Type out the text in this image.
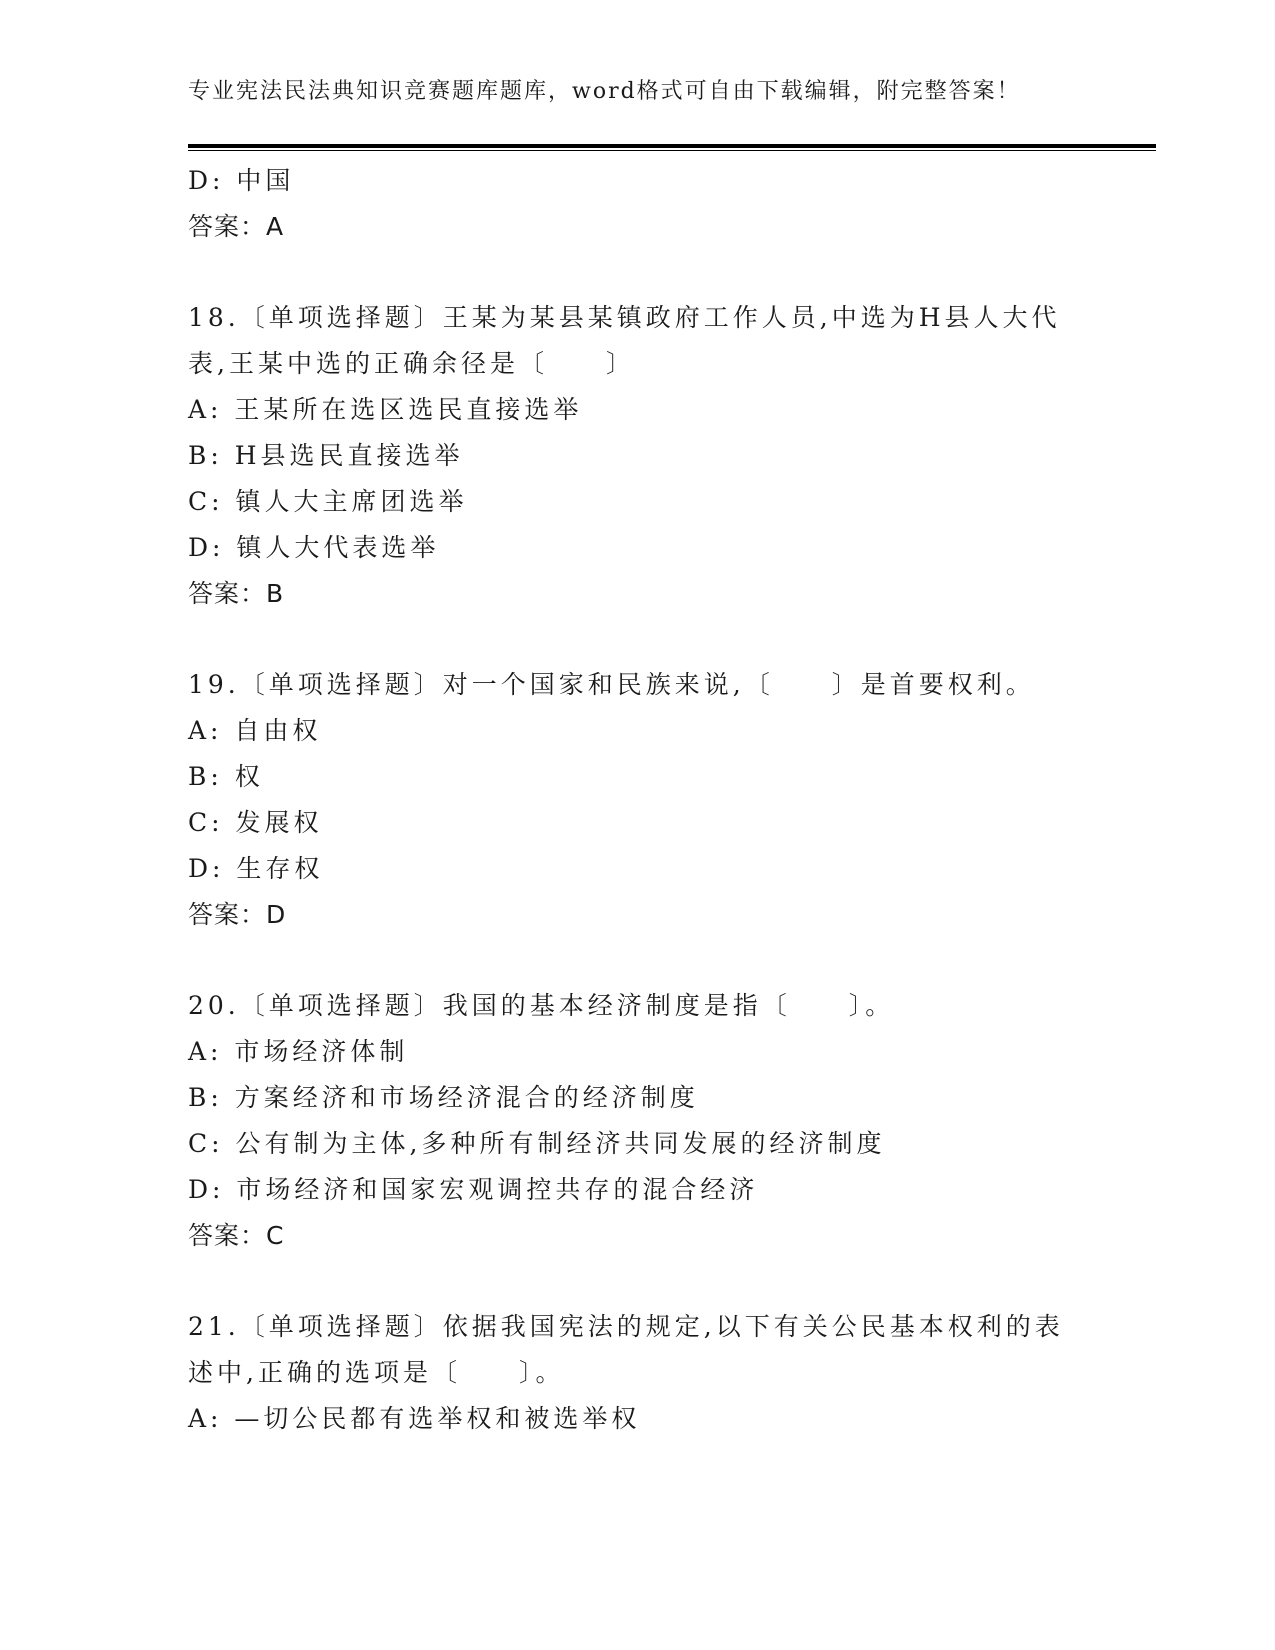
专业宪法民法典知识竞赛题库题库，word格式可自由下载编辑，附完整答案！
D: 中国
答案：A
18.〔单项选择题〕王某为某县某镇政府工作人员,中选为H县人大代
表,王某中选的正确余径是〔　　〕
A: 王某所在选区选民直接选举
B: H县选民直接选举
C: 镇人大主席团选举
D: 镇人大代表选举
答案：B
19.〔单项选择题〕对一个国家和民族来说,〔　　〕是首要权利。
A: 自由权
B: 权
C: 发展权
D: 生存权
答案：D
20.〔单项选择题〕我国的基本经济制度是指〔　　〕。
A: 市场经济体制
B: 方案经济和市场经济混合的经济制度
C: 公有制为主体,多种所有制经济共同发展的经济制度
D: 市场经济和国家宏观调控共存的混合经济
答案：C
21.〔单项选择题〕依据我国宪法的规定,以下有关公民基本权利的表
述中,正确的选项是〔　　〕。
A: —切公民都有选举权和被选举权
